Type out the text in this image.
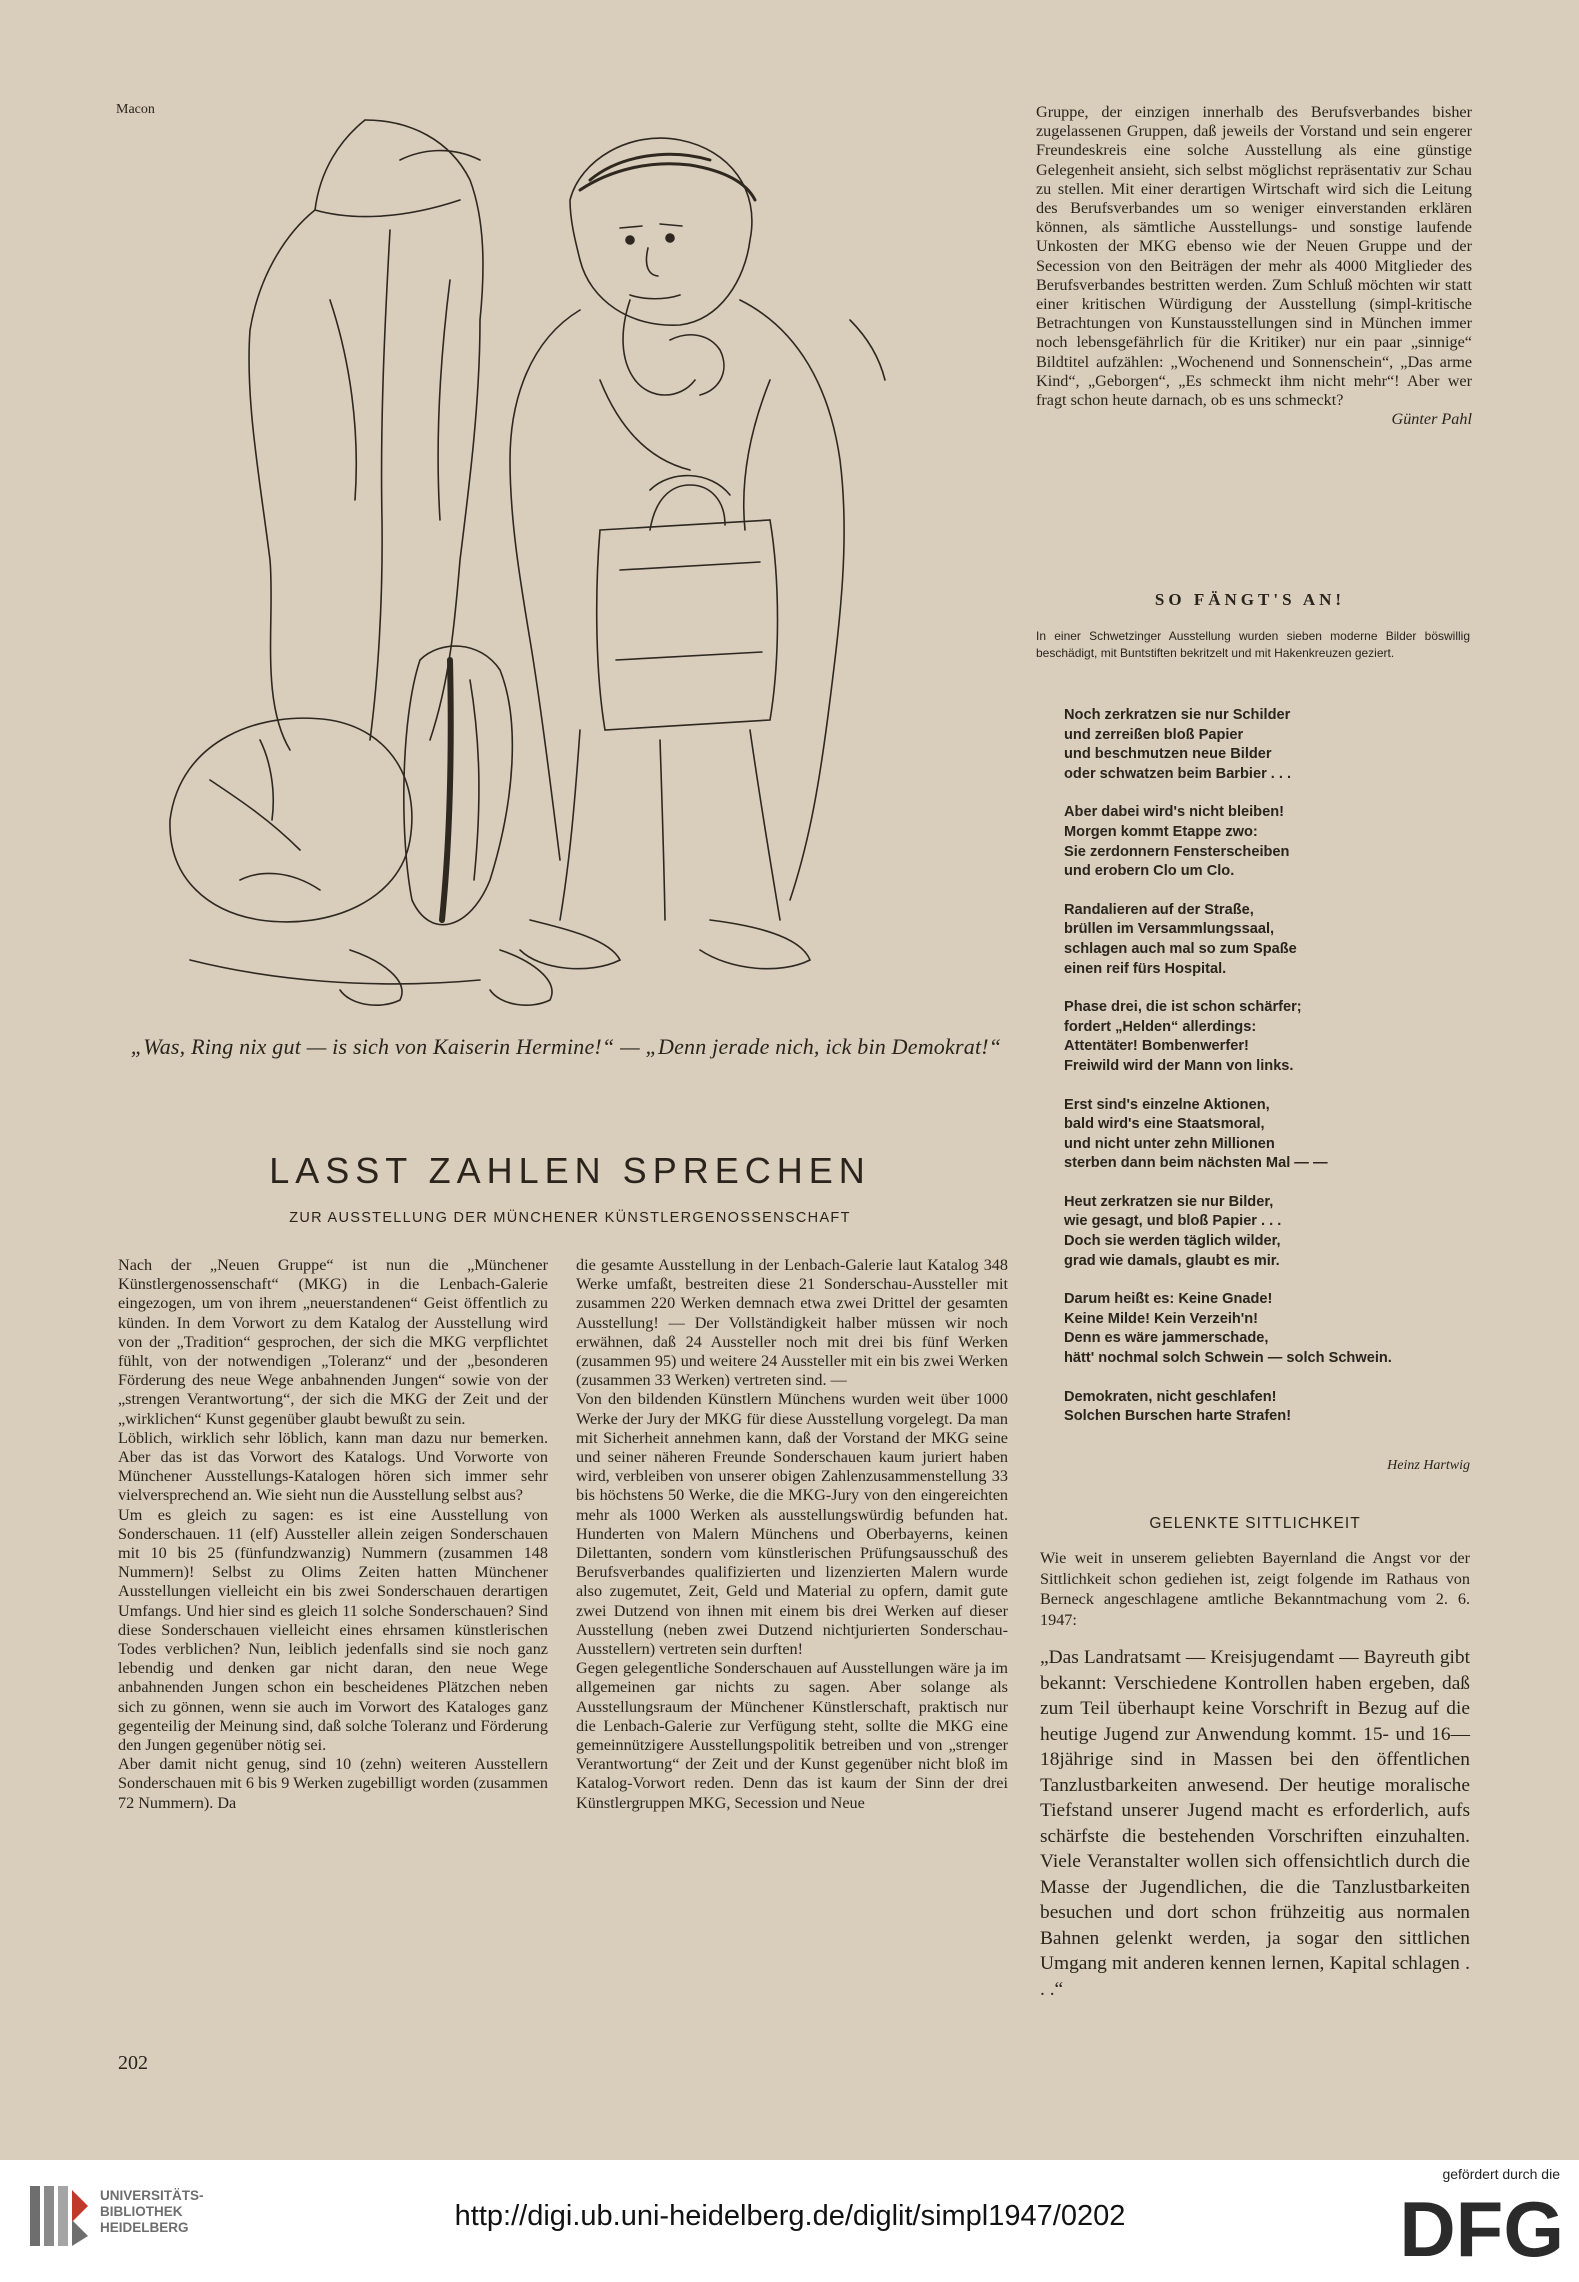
Macon
„Was, Ring nix gut — is sich von Kaiserin Hermine!“ — „Denn jerade nich, ick bin Demokrat!“
LASST ZAHLEN SPRECHEN
ZUR AUSSTELLUNG DER MÜNCHENER KÜNSTLERGENOSSENSCHAFT

Nach der „Neuen Gruppe“ ist nun die „Münchener Künstlergenossenschaft“ (MKG) in die Lenbach-Galerie eingezogen, um von ihrem „neuerstandenen“ Geist öffentlich zu künden. In dem Vorwort zu dem Katalog der Ausstellung wird von der „Tradition“ gesprochen, der sich die MKG verpflichtet fühlt, von der notwendigen „Toleranz“ und der „besonderen Förderung des neue Wege anbahnenden Jungen“ sowie von der „strengen Verantwortung“, der sich die MKG der Zeit und der „wirklichen“ Kunst gegenüber glaubt bewußt zu sein.

Löblich, wirklich sehr löblich, kann man dazu nur bemerken. Aber das ist das Vorwort des Katalogs. Und Vorworte von Münchener Ausstellungs-Katalogen hören sich immer sehr vielversprechend an. Wie sieht nun die Ausstellung selbst aus?

Um es gleich zu sagen: es ist eine Ausstellung von Sonderschauen. 11 (elf) Aussteller allein zeigen Sonderschauen mit 10 bis 25 (fünfundzwanzig) Nummern (zusammen 148 Nummern)! Selbst zu Olims Zeiten hatten Münchener Ausstellungen vielleicht ein bis zwei Sonderschauen derartigen Umfangs. Und hier sind es gleich 11 solche Sonderschauen? Sind diese Sonderschauen vielleicht eines ehrsamen künstlerischen Todes verblichen? Nun, leiblich jedenfalls sind sie noch ganz lebendig und denken gar nicht daran, den neue Wege anbahnenden Jungen schon ein bescheidenes Plätzchen neben sich zu gönnen, wenn sie auch im Vorwort des Kataloges ganz gegenteilig der Meinung sind, daß solche Toleranz und Förderung den Jungen gegenüber nötig sei.

Aber damit nicht genug, sind 10 (zehn) weiteren Ausstellern Sonderschauen mit 6 bis 9 Werken zugebilligt worden (zusammen 72 Nummern). Da

die gesamte Ausstellung in der Lenbach-Galerie laut Katalog 348 Werke umfaßt, bestreiten diese 21 Sonderschau-Aussteller mit zusammen 220 Werken demnach etwa zwei Drittel der gesamten Ausstellung! — Der Vollständigkeit halber müssen wir noch erwähnen, daß 24 Aussteller noch mit drei bis fünf Werken (zusammen 95) und weitere 24 Aussteller mit ein bis zwei Werken (zusammen 33 Werken) vertreten sind. —

Von den bildenden Künstlern Münchens wurden weit über 1000 Werke der Jury der MKG für diese Ausstellung vorgelegt. Da man mit Sicherheit annehmen kann, daß der Vorstand der MKG seine und seiner näheren Freunde Sonderschauen kaum juriert haben wird, verbleiben von unserer obigen Zahlenzusammenstellung 33 bis höchstens 50 Werke, die die MKG-Jury von den eingereichten mehr als 1000 Werken als ausstellungswürdig befunden hat. Hunderten von Malern Münchens und Oberbayerns, keinen Dilettanten, sondern vom künstlerischen Prüfungsausschuß des Berufsverbandes qualifizierten und lizenzierten Malern wurde also zugemutet, Zeit, Geld und Material zu opfern, damit gute zwei Dutzend von ihnen mit einem bis drei Werken auf dieser Ausstellung (neben zwei Dutzend nichtjurierten Sonderschau-Ausstellern) vertreten sein durften!

Gegen gelegentliche Sonderschauen auf Ausstellungen wäre ja im allgemeinen gar nichts zu sagen. Aber solange als Ausstellungsraum der Münchener Künstlerschaft, praktisch nur die Lenbach-Galerie zur Verfügung steht, sollte die MKG eine gemeinnützigere Ausstellungspolitik betreiben und von „strenger Verantwortung“ der Zeit und der Kunst gegenüber nicht bloß im Katalog-Vorwort reden. Denn das ist kaum der Sinn der drei Künstlergruppen MKG, Secession und Neue

Gruppe, der einzigen innerhalb des Berufsverbandes bisher zugelassenen Gruppen, daß jeweils der Vorstand und sein engerer Freundeskreis eine solche Ausstellung als eine günstige Gelegenheit ansieht, sich selbst möglichst repräsentativ zur Schau zu stellen. Mit einer derartigen Wirtschaft wird sich die Leitung des Berufsverbandes um so weniger einverstanden erklären können, als sämtliche Ausstellungs- und sonstige laufende Unkosten der MKG ebenso wie der Neuen Gruppe und der Secession von den Beiträgen der mehr als 4000 Mitglieder des Berufsverbandes bestritten werden. Zum Schluß möchten wir statt einer kritischen Würdigung der Ausstellung (simpl-kritische Betrachtungen von Kunstausstellungen sind in München immer noch lebensgefährlich für die Kritiker) nur ein paar „sinnige“ Bildtitel aufzählen: „Wochenend und Sonnenschein“, „Das arme Kind“, „Geborgen“, „Es schmeckt ihm nicht mehr“! Aber wer fragt schon heute darnach, ob es uns schmeckt?

Günter Pahl

SO FÄNGT'S AN!
In einer Schwetzinger Ausstellung wurden sieben moderne Bilder böswillig beschädigt, mit Buntstiften bekritzelt und mit Hakenkreuzen geziert.
Noch zerkratzen sie nur Schilder
und zerreißen bloß Papier
und beschmutzen neue Bilder
oder schwatzen beim Barbier . . .
Aber dabei wird's nicht bleiben!
Morgen kommt Etappe zwo:
Sie zerdonnern Fensterscheiben
und erobern Clo um Clo.
Randalieren auf der Straße,
brüllen im Versammlungssaal,
schlagen auch mal so zum Spaße
einen reif fürs Hospital.
Phase drei, die ist schon schärfer;
fordert „Helden“ allerdings:
Attentäter! Bombenwerfer!
Freiwild wird der Mann von links.
Erst sind's einzelne Aktionen,
bald wird's eine Staatsmoral,
und nicht unter zehn Millionen
sterben dann beim nächsten Mal — —
Heut zerkratzen sie nur Bilder,
wie gesagt, und bloß Papier . . .
Doch sie werden täglich wilder,
grad wie damals, glaubt es mir.
Darum heißt es: Keine Gnade!
Keine Milde! Kein Verzeih'n!
Denn es wäre jammerschade,
hätt' nochmal solch Schwein — solch Schwein.
Demokraten, nicht geschlafen!
Solchen Burschen harte Strafen!
Heinz Hartwig
GELENKTE SITTLICHKEIT
Wie weit in unserem geliebten Bayernland die Angst vor der Sittlichkeit schon gediehen ist, zeigt folgende im Rathaus von Berneck angeschlagene amtliche Bekanntmachung vom 2. 6. 1947:
„Das Landratsamt — Kreisjugendamt — Bayreuth gibt bekannt: Verschiedene Kontrollen haben ergeben, daß zum Teil überhaupt keine Vorschrift in Bezug auf die heutige Jugend zur Anwendung kommt. 15- und 16—18jährige sind in Massen bei den öffentlichen Tanzlustbarkeiten anwesend. Der heutige moralische Tiefstand unserer Jugend macht es erforderlich, aufs schärfste die bestehenden Vorschriften einzuhalten. Viele Veranstalter wollen sich offensichtlich durch die Masse der Jugendlichen, die die Tanzlustbarkeiten besuchen und dort schon frühzeitig aus normalen Bahnen gelenkt werden, ja sogar den sittlichen Umgang mit anderen kennen lernen, Kapital schlagen . . .“
202
UNIVERSITÄTS-
BIBLIOTHEK
HEIDELBERG	http://digi.ub.uni-heidelberg.de/diglit/simpl1947/0202
gefördert durch die
DFG
